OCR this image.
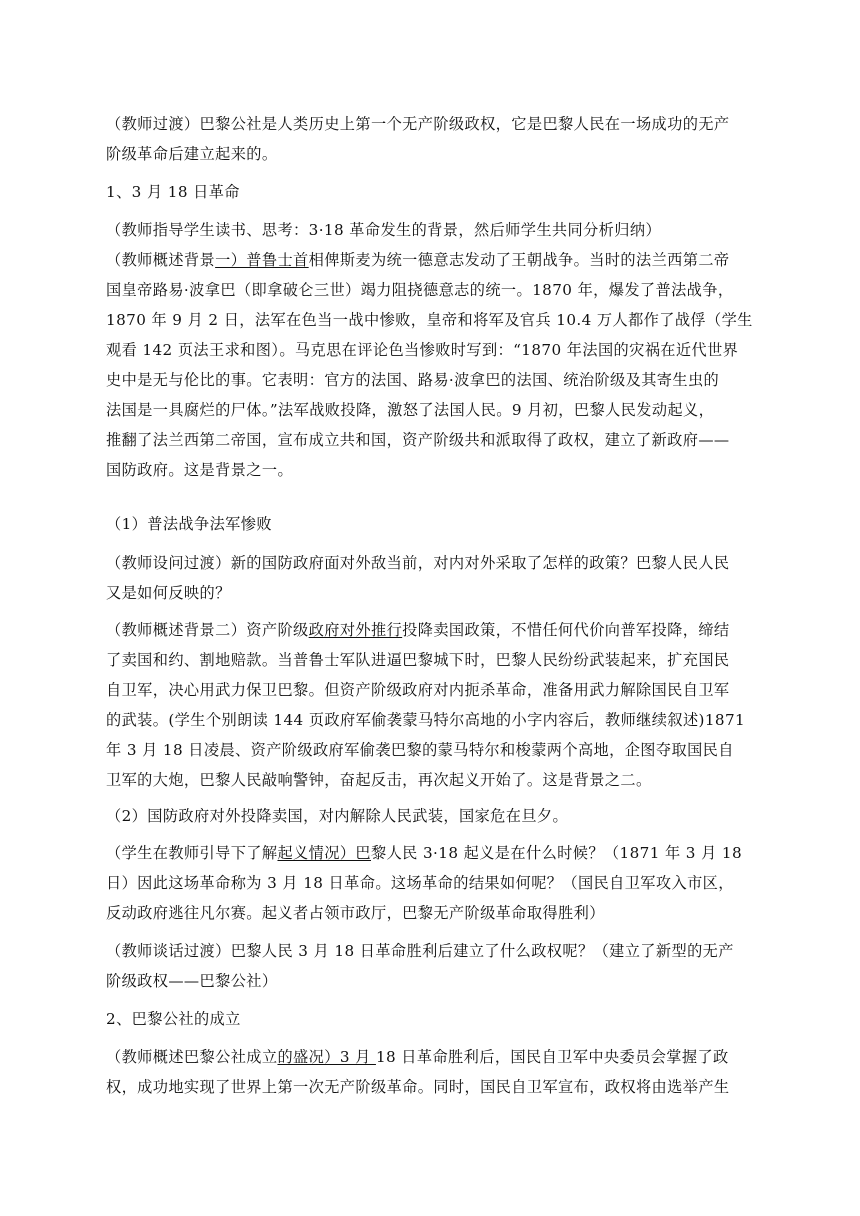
（教师过渡）巴黎公社是人类历史上第一个无产阶级政权，它是巴黎人民在一场成功的无产
阶级革命后建立起来的。
1、3 月 18 日革命
（教师指导学生读书、思考：3·18 革命发生的背景，然后师学生共同分析归纳）
（教师概述背景一）普鲁士首相俾斯麦为统一德意志发动了王朝战争。当时的法兰西第二帝
国皇帝路易·波拿巴（即拿破仑三世）竭力阻挠德意志的统一。1870 年，爆发了普法战争，
1870 年 9 月 2 日，法军在色当一战中惨败，皇帝和将军及官兵 10.4 万人都作了战俘（学生
观看 142 页法王求和图）。马克思在评论色当惨败时写到：“1870 年法国的灾祸在近代世界
史中是无与伦比的事。它表明：官方的法国、路易·波拿巴的法国、统治阶级及其寄生虫的
法国是一具腐烂的尸体。”法军战败投降，激怒了法国人民。9 月初，巴黎人民发动起义，
推翻了法兰西第二帝国，宣布成立共和国，资产阶级共和派取得了政权，建立了新政府——
国防政府。这是背景之一。
（1）普法战争法军惨败
（教师设问过渡）新的国防政府面对外敌当前，对内对外采取了怎样的政策？巴黎人民人民
又是如何反映的？
（教师概述背景二）资产阶级政府对外推行投降卖国政策，不惜任何代价向普军投降，缔结
了卖国和约、割地赔款。当普鲁士军队进逼巴黎城下时，巴黎人民纷纷武装起来，扩充国民
自卫军，决心用武力保卫巴黎。但资产阶级政府对内扼杀革命，准备用武力解除国民自卫军
的武装。(学生个别朗读 144 页政府军偷袭蒙马特尔高地的小字内容后，教师继续叙述)1871
年 3 月 18 日凌晨、资产阶级政府军偷袭巴黎的蒙马特尔和梭蒙两个高地，企图夺取国民自
卫军的大炮，巴黎人民敲响警钟，奋起反击，再次起义开始了。这是背景之二。
（2）国防政府对外投降卖国，对内解除人民武装，国家危在旦夕。
（学生在教师引导下了解起义情况）巴黎人民 3·18 起义是在什么时候？（1871 年 3 月 18
日）因此这场革命称为 3 月 18 日革命。这场革命的结果如何呢？（国民自卫军攻入市区，
反动政府逃往凡尔赛。起义者占领市政厅，巴黎无产阶级革命取得胜利）
（教师谈话过渡）巴黎人民 3 月 18 日革命胜利后建立了什么政权呢？（建立了新型的无产
阶级政权——巴黎公社）
2、巴黎公社的成立
（教师概述巴黎公社成立的盛况）3 月 18 日革命胜利后，国民自卫军中央委员会掌握了政
权，成功地实现了世界上第一次无产阶级革命。同时，国民自卫军宣布，政权将由选举产生
